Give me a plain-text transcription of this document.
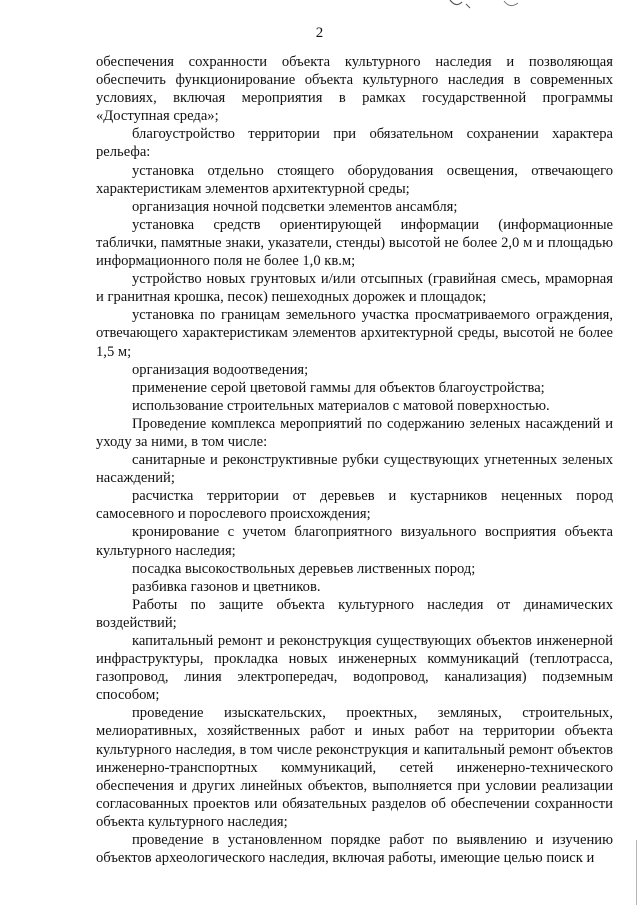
2

обеспечения сохранности объекта культурного наследия и позволяющая обеспечить функционирование объекта культурного наследия в современных условиях, включая мероприятия в рамках государственной программы «Доступная среда»;

благоустройство территории при обязательном сохранении характера рельефа:

установка отдельно стоящего оборудования освещения, отвечающего характеристикам элементов архитектурной среды;

организация ночной подсветки элементов ансамбля;

установка средств ориентирующей информации (информационные таблички, памятные знаки, указатели, стенды) высотой не более 2,0 м и площадью информационного поля не более 1,0 кв.м;

устройство новых грунтовых и/или отсыпных (гравийная смесь, мраморная и гранитная крошка, песок) пешеходных дорожек и площадок;

установка по границам земельного участка просматриваемого ограждения, отвечающего характеристикам элементов архитектурной среды, высотой не более 1,5 м;

организация водоотведения;

применение серой цветовой гаммы для объектов благоустройства;

использование строительных материалов с матовой поверхностью.

Проведение комплекса мероприятий по содержанию зеленых насаждений и уходу за ними, в том числе:

санитарные и реконструктивные рубки существующих угнетенных зеленых насаждений;

расчистка территории от деревьев и кустарников неценных пород самосевного и порослевого происхождения;

кронирование с учетом благоприятного визуального восприятия объекта культурного наследия;

посадка высокоствольных деревьев лиственных пород;

разбивка газонов и цветников.

Работы по защите объекта культурного наследия от динамических воздействий;

капитальный ремонт и реконструкция существующих объектов инженерной инфраструктуры, прокладка новых инженерных коммуникаций (теплотрасса, газопровод, линия электропередач, водопровод, канализация) подземным способом;

проведение изыскательских, проектных, земляных, строительных, мелиоративных, хозяйственных работ и иных работ на территории объекта культурного наследия, в том числе реконструкция и капитальный ремонт объектов инженерно-транспортных коммуникаций, сетей инженерно-технического обеспечения и других линейных объектов, выполняется при условии реализации согласованных проектов или обязательных разделов об обеспечении сохранности объекта культурного наследия;

проведение в установленном порядке работ по выявлению и изучению объектов археологического наследия, включая работы, имеющие целью поиск и
